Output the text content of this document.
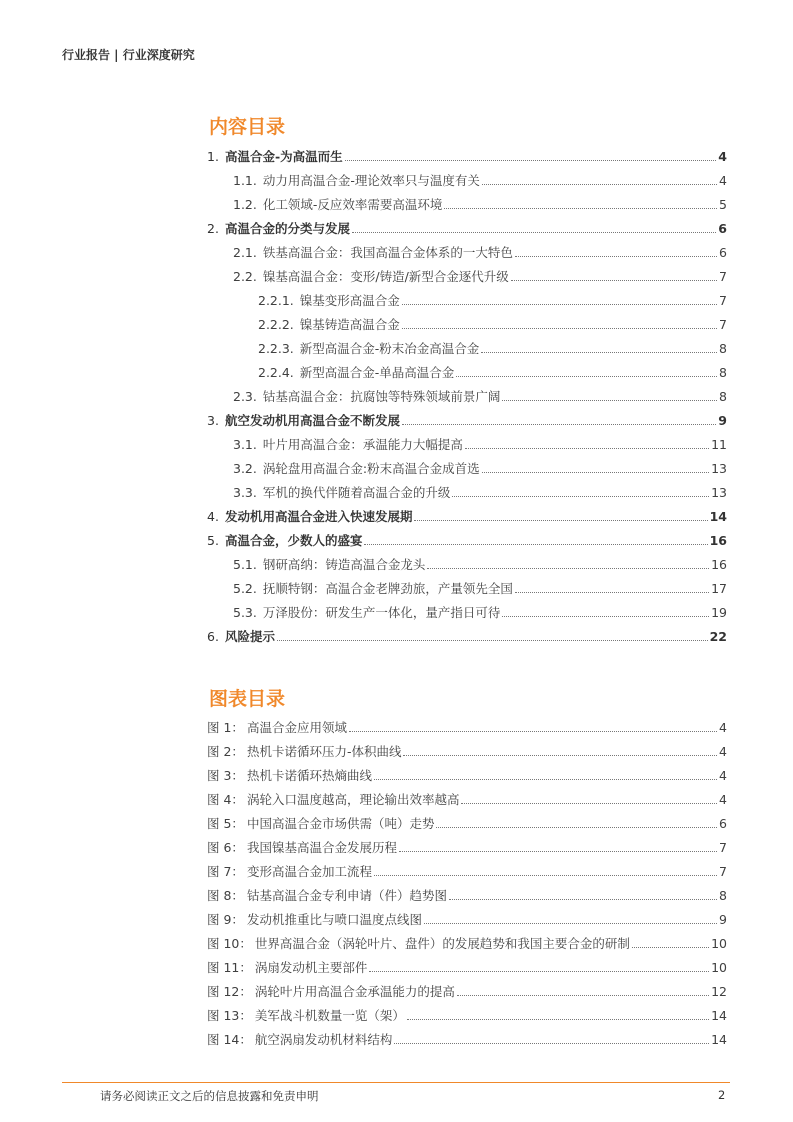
行业报告 | 行业深度研究
内容目录
1. 高温合金-为高温而生	4
1.1. 动力用高温合金-理论效率只与温度有关	4
1.2. 化工领域-反应效率需要高温环境	5
2. 高温合金的分类与发展	6
2.1. 铁基高温合金：我国高温合金体系的一大特色	6
2.2. 镍基高温合金：变形/铸造/新型合金逐代升级	7
2.2.1. 镍基变形高温合金	7
2.2.2. 镍基铸造高温合金	7
2.2.3. 新型高温合金-粉末冶金高温合金	8
2.2.4. 新型高温合金-单晶高温合金	8
2.3. 钴基高温合金：抗腐蚀等特殊领域前景广阔	8
3. 航空发动机用高温合金不断发展	9
3.1. 叶片用高温合金：承温能力大幅提高	11
3.2. 涡轮盘用高温合金:粉末高温合金成首选	13
3.3. 军机的换代伴随着高温合金的升级	13
4. 发动机用高温合金进入快速发展期	14
5. 高温合金，少数人的盛宴	16
5.1. 钢研高纳：铸造高温合金龙头	16
5.2. 抚顺特钢：高温合金老牌劲旅，产量领先全国	17
5.3. 万泽股份：研发生产一体化，量产指日可待	19
6. 风险提示	22
图表目录
图 1： 高温合金应用领域	4
图 2： 热机卡诺循环压力-体积曲线	4
图 3： 热机卡诺循环热熵曲线	4
图 4： 涡轮入口温度越高，理论输出效率越高	4
图 5： 中国高温合金市场供需（吨）走势	6
图 6： 我国镍基高温合金发展历程	7
图 7： 变形高温合金加工流程	7
图 8： 钴基高温合金专利申请（件）趋势图	8
图 9： 发动机推重比与喷口温度点线图	9
图 10： 世界高温合金（涡轮叶片、盘件）的发展趋势和我国主要合金的研制	10
图 11： 涡扇发动机主要部件	10
图 12： 涡轮叶片用高温合金承温能力的提高	12
图 13： 美军战斗机数量一览（架）	14
图 14： 航空涡扇发动机材料结构	14
请务必阅读正文之后的信息披露和免责申明	2
